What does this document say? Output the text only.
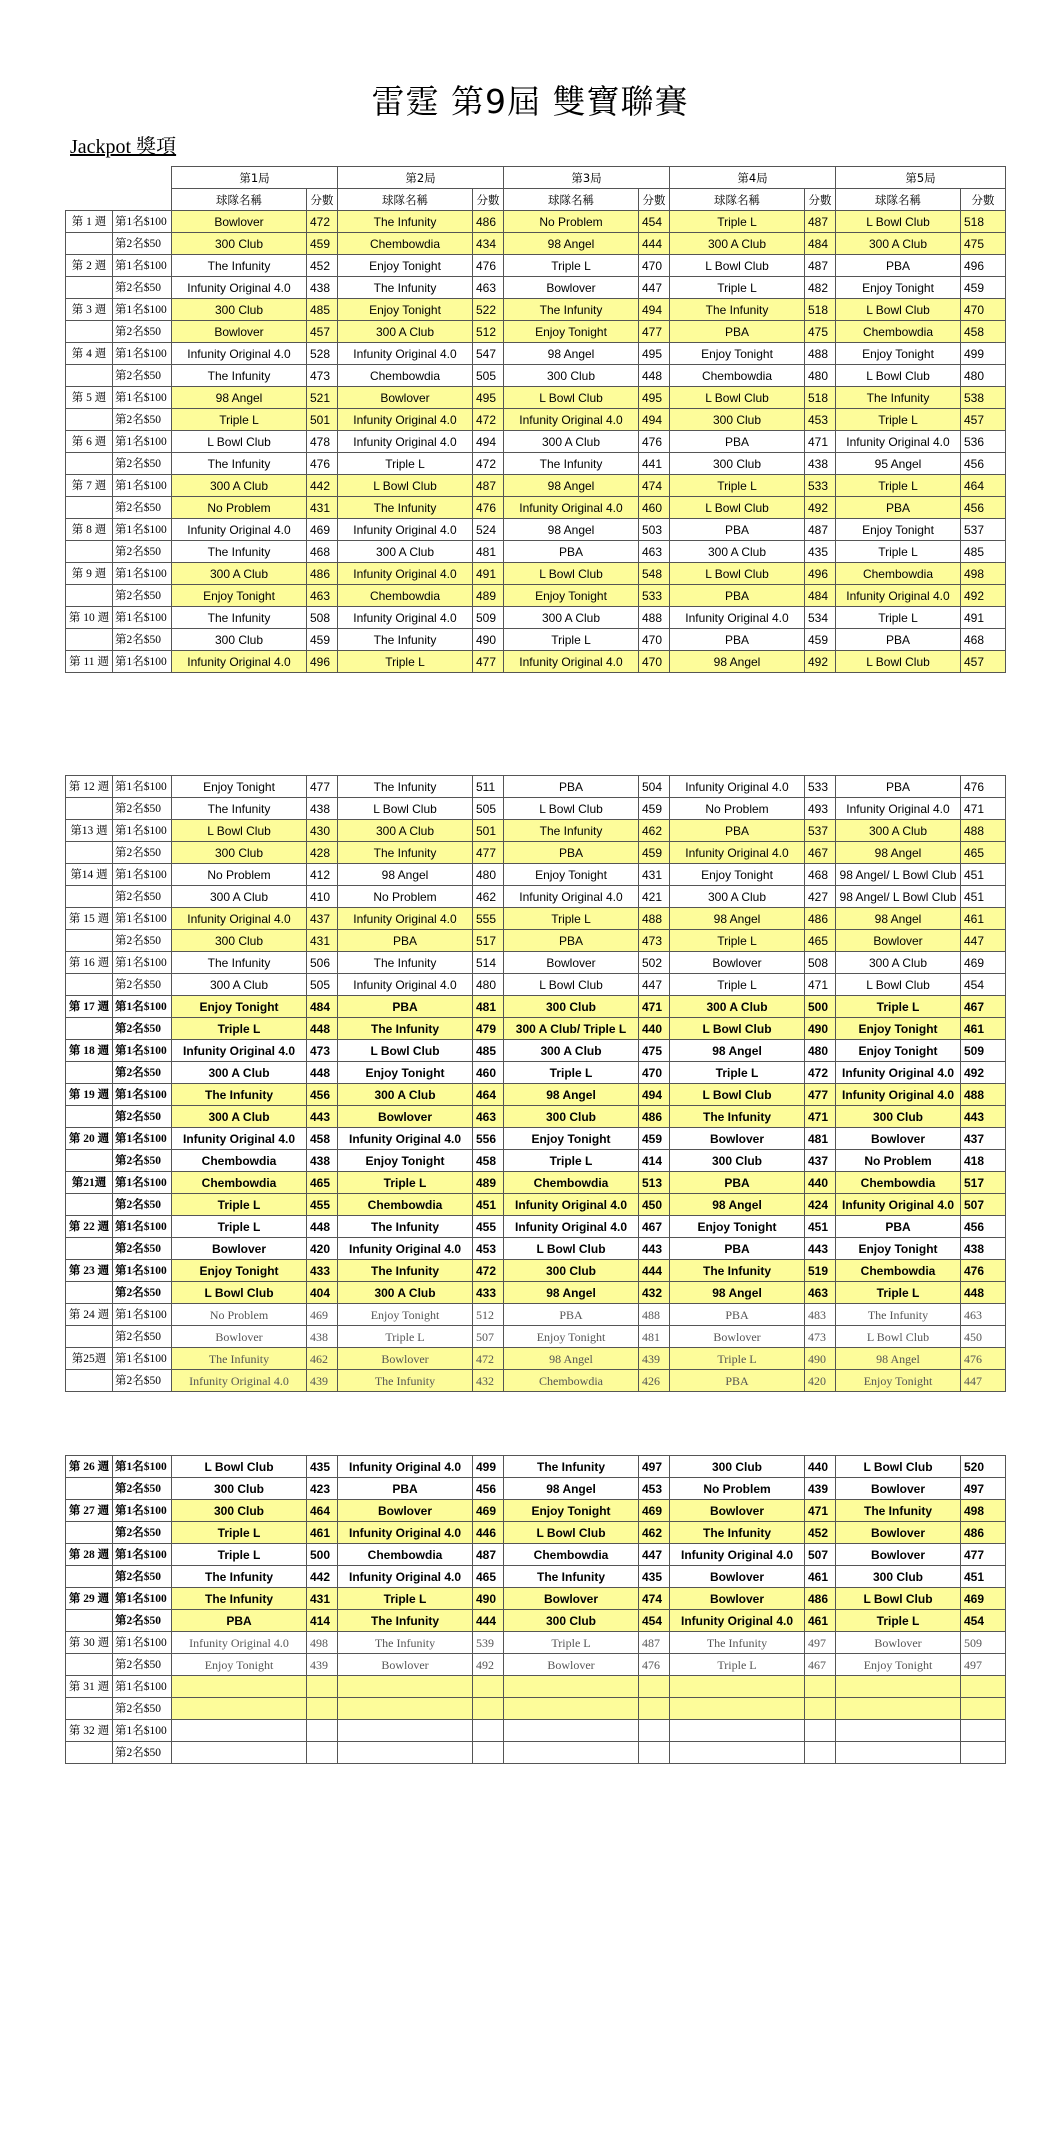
雷霆 第9屆 雙寶聯賽
Jackpot 獎項
		第1局		第2局		第3局		第4局		第5局	
		球隊名稱	分數	球隊名稱	分數	球隊名稱	分數	球隊名稱	分數	球隊名稱	分數
第 1 週	第1名$100	Bowlover	472	The Infunity	486	No Problem	454	Triple L	487	L Bowl Club	518
	第2名$50	300 Club	459	Chembowdia	434	98 Angel	444	300 A Club	484	300 A Club	475
第 2 週	第1名$100	The Infunity	452	Enjoy Tonight	476	Triple L	470	L Bowl Club	487	PBA	496
	第2名$50	Infunity Original 4.0	438	The Infunity	463	Bowlover	447	Triple L	482	Enjoy Tonight	459
第 3 週	第1名$100	300 Club	485	Enjoy Tonight	522	The Infunity	494	The Infunity	518	L Bowl Club	470
	第2名$50	Bowlover	457	300 A Club	512	Enjoy Tonight	477	PBA	475	Chembowdia	458
第 4 週	第1名$100	Infunity Original 4.0	528	Infunity Original 4.0	547	98 Angel	495	Enjoy Tonight	488	Enjoy Tonight	499
	第2名$50	The Infunity	473	Chembowdia	505	300 Club	448	Chembowdia	480	L Bowl Club	480
第 5 週	第1名$100	98 Angel	521	Bowlover	495	L Bowl Club	495	L Bowl Club	518	The Infunity	538
	第2名$50	Triple L	501	Infunity Original 4.0	472	Infunity Original 4.0	494	300 Club	453	Triple L	457
第 6 週	第1名$100	L Bowl Club	478	Infunity Original 4.0	494	300 A Club	476	PBA	471	Infunity Original 4.0	536
	第2名$50	The Infunity	476	Triple L	472	The Infunity	441	300 Club	438	95 Angel	456
第 7 週	第1名$100	300 A Club	442	L Bowl Club	487	98 Angel	474	Triple L	533	Triple L	464
	第2名$50	No Problem	431	The Infunity	476	Infunity Original 4.0	460	L Bowl Club	492	PBA	456
第 8 週	第1名$100	Infunity Original 4.0	469	Infunity Original 4.0	524	98 Angel	503	PBA	487	Enjoy Tonight	537
	第2名$50	The Infunity	468	300 A Club	481	PBA	463	300 A Club	435	Triple L	485
第 9 週	第1名$100	300 A Club	486	Infunity Original 4.0	491	L Bowl Club	548	L Bowl Club	496	Chembowdia	498
	第2名$50	Enjoy Tonight	463	Chembowdia	489	Enjoy Tonight	533	PBA	484	Infunity Original 4.0	492
第 10 週	第1名$100	The Infunity	508	Infunity Original 4.0	509	300 A Club	488	Infunity Original 4.0	534	Triple L	491
	第2名$50	300 Club	459	The Infunity	490	Triple L	470	PBA	459	PBA	468
第 11 週	第1名$100	Infunity Original 4.0	496	Triple L	477	Infunity Original 4.0	470	98 Angel	492	L Bowl Club	457
第 12 週	第1名$100	Enjoy Tonight	477	The Infunity	511	PBA	504	Infunity Original 4.0	533	PBA	476
	第2名$50	The Infunity	438	L Bowl Club	505	L Bowl Club	459	No Problem	493	Infunity Original 4.0	471
第13 週	第1名$100	L Bowl Club	430	300 A Club	501	The Infunity	462	PBA	537	300 A Club	488
	第2名$50	300 Club	428	The Infunity	477	PBA	459	Infunity Original 4.0	467	98 Angel	465
第14 週	第1名$100	No Problem	412	98 Angel	480	Enjoy Tonight	431	Enjoy Tonight	468	98 Angel/ L Bowl Club	451
	第2名$50	300 A Club	410	No Problem	462	Infunity Original 4.0	421	300 A Club	427	98 Angel/ L Bowl Club	451
第 15 週	第1名$100	Infunity Original 4.0	437	Infunity Original 4.0	555	Triple L	488	98 Angel	486	98 Angel	461
	第2名$50	300 Club	431	PBA	517	PBA	473	Triple L	465	Bowlover	447
第 16 週	第1名$100	The Infunity	506	The Infunity	514	Bowlover	502	Bowlover	508	300 A Club	469
	第2名$50	300 A Club	505	Infunity Original 4.0	480	L Bowl Club	447	Triple L	471	L Bowl Club	454
第 17 週	第1名$100	Enjoy Tonight	484	PBA	481	300 Club	471	300 A Club	500	Triple L	467
	第2名$50	Triple L	448	The Infunity	479	300 A Club/ Triple L	440	L Bowl Club	490	Enjoy Tonight	461
第 18 週	第1名$100	Infunity Original 4.0	473	L Bowl Club	485	300 A Club	475	98 Angel	480	Enjoy Tonight	509
	第2名$50	300 A Club	448	Enjoy Tonight	460	Triple L	470	Triple L	472	Infunity Original 4.0	492
第 19 週	第1名$100	The Infunity	456	300 A Club	464	98 Angel	494	L Bowl Club	477	Infunity Original 4.0	488
	第2名$50	300 A Club	443	Bowlover	463	300 Club	486	The Infunity	471	300 Club	443
第 20 週	第1名$100	Infunity Original 4.0	458	Infunity Original 4.0	556	Enjoy Tonight	459	Bowlover	481	Bowlover	437
	第2名$50	Chembowdia	438	Enjoy Tonight	458	Triple L	414	300 Club	437	No Problem	418
第21週	第1名$100	Chembowdia	465	Triple L	489	Chembowdia	513	PBA	440	Chembowdia	517
	第2名$50	Triple L	455	Chembowdia	451	Infunity Original 4.0	450	98 Angel	424	Infunity Original 4.0	507
第 22 週	第1名$100	Triple L	448	The Infunity	455	Infunity Original 4.0	467	Enjoy Tonight	451	PBA	456
	第2名$50	Bowlover	420	Infunity Original 4.0	453	L Bowl Club	443	PBA	443	Enjoy Tonight	438
第 23 週	第1名$100	Enjoy Tonight	433	The Infunity	472	300 Club	444	The Infunity	519	Chembowdia	476
	第2名$50	L Bowl Club	404	300 A Club	433	98 Angel	432	98 Angel	463	Triple L	448
第 24 週	第1名$100	No Problem	469	Enjoy Tonight	512	PBA	488	PBA	483	The Infunity	463
	第2名$50	Bowlover	438	Triple L	507	Enjoy Tonight	481	Bowlover	473	L Bowl Club	450
第25週	第1名$100	The Infunity	462	Bowlover	472	98 Angel	439	Triple L	490	98 Angel	476
	第2名$50	Infunity Original 4.0	439	The Infunity	432	Chembowdia	426	PBA	420	Enjoy Tonight	447
第 26 週	第1名$100	L Bowl Club	435	Infunity Original 4.0	499	The Infunity	497	300 Club	440	L Bowl Club	520
	第2名$50	300 Club	423	PBA	456	98 Angel	453	No Problem	439	Bowlover	497
第 27 週	第1名$100	300 Club	464	Bowlover	469	Enjoy Tonight	469	Bowlover	471	The Infunity	498
	第2名$50	Triple L	461	Infunity Original 4.0	446	L Bowl Club	462	The Infunity	452	Bowlover	486
第 28 週	第1名$100	Triple L	500	Chembowdia	487	Chembowdia	447	Infunity Original 4.0	507	Bowlover	477
	第2名$50	The Infunity	442	Infunity Original 4.0	465	The Infunity	435	Bowlover	461	300 Club	451
第 29 週	第1名$100	The Infunity	431	Triple L	490	Bowlover	474	Bowlover	486	L Bowl Club	469
	第2名$50	PBA	414	The Infunity	444	300 Club	454	Infunity Original 4.0	461	Triple L	454
第 30 週	第1名$100	Infunity Original 4.0	498	The Infunity	539	Triple L	487	The Infunity	497	Bowlover	509
	第2名$50	Enjoy Tonight	439	Bowlover	492	Bowlover	476	Triple L	467	Enjoy Tonight	497
第 31 週	第1名$100										
	第2名$50										
第 32 週	第1名$100										
	第2名$50										
